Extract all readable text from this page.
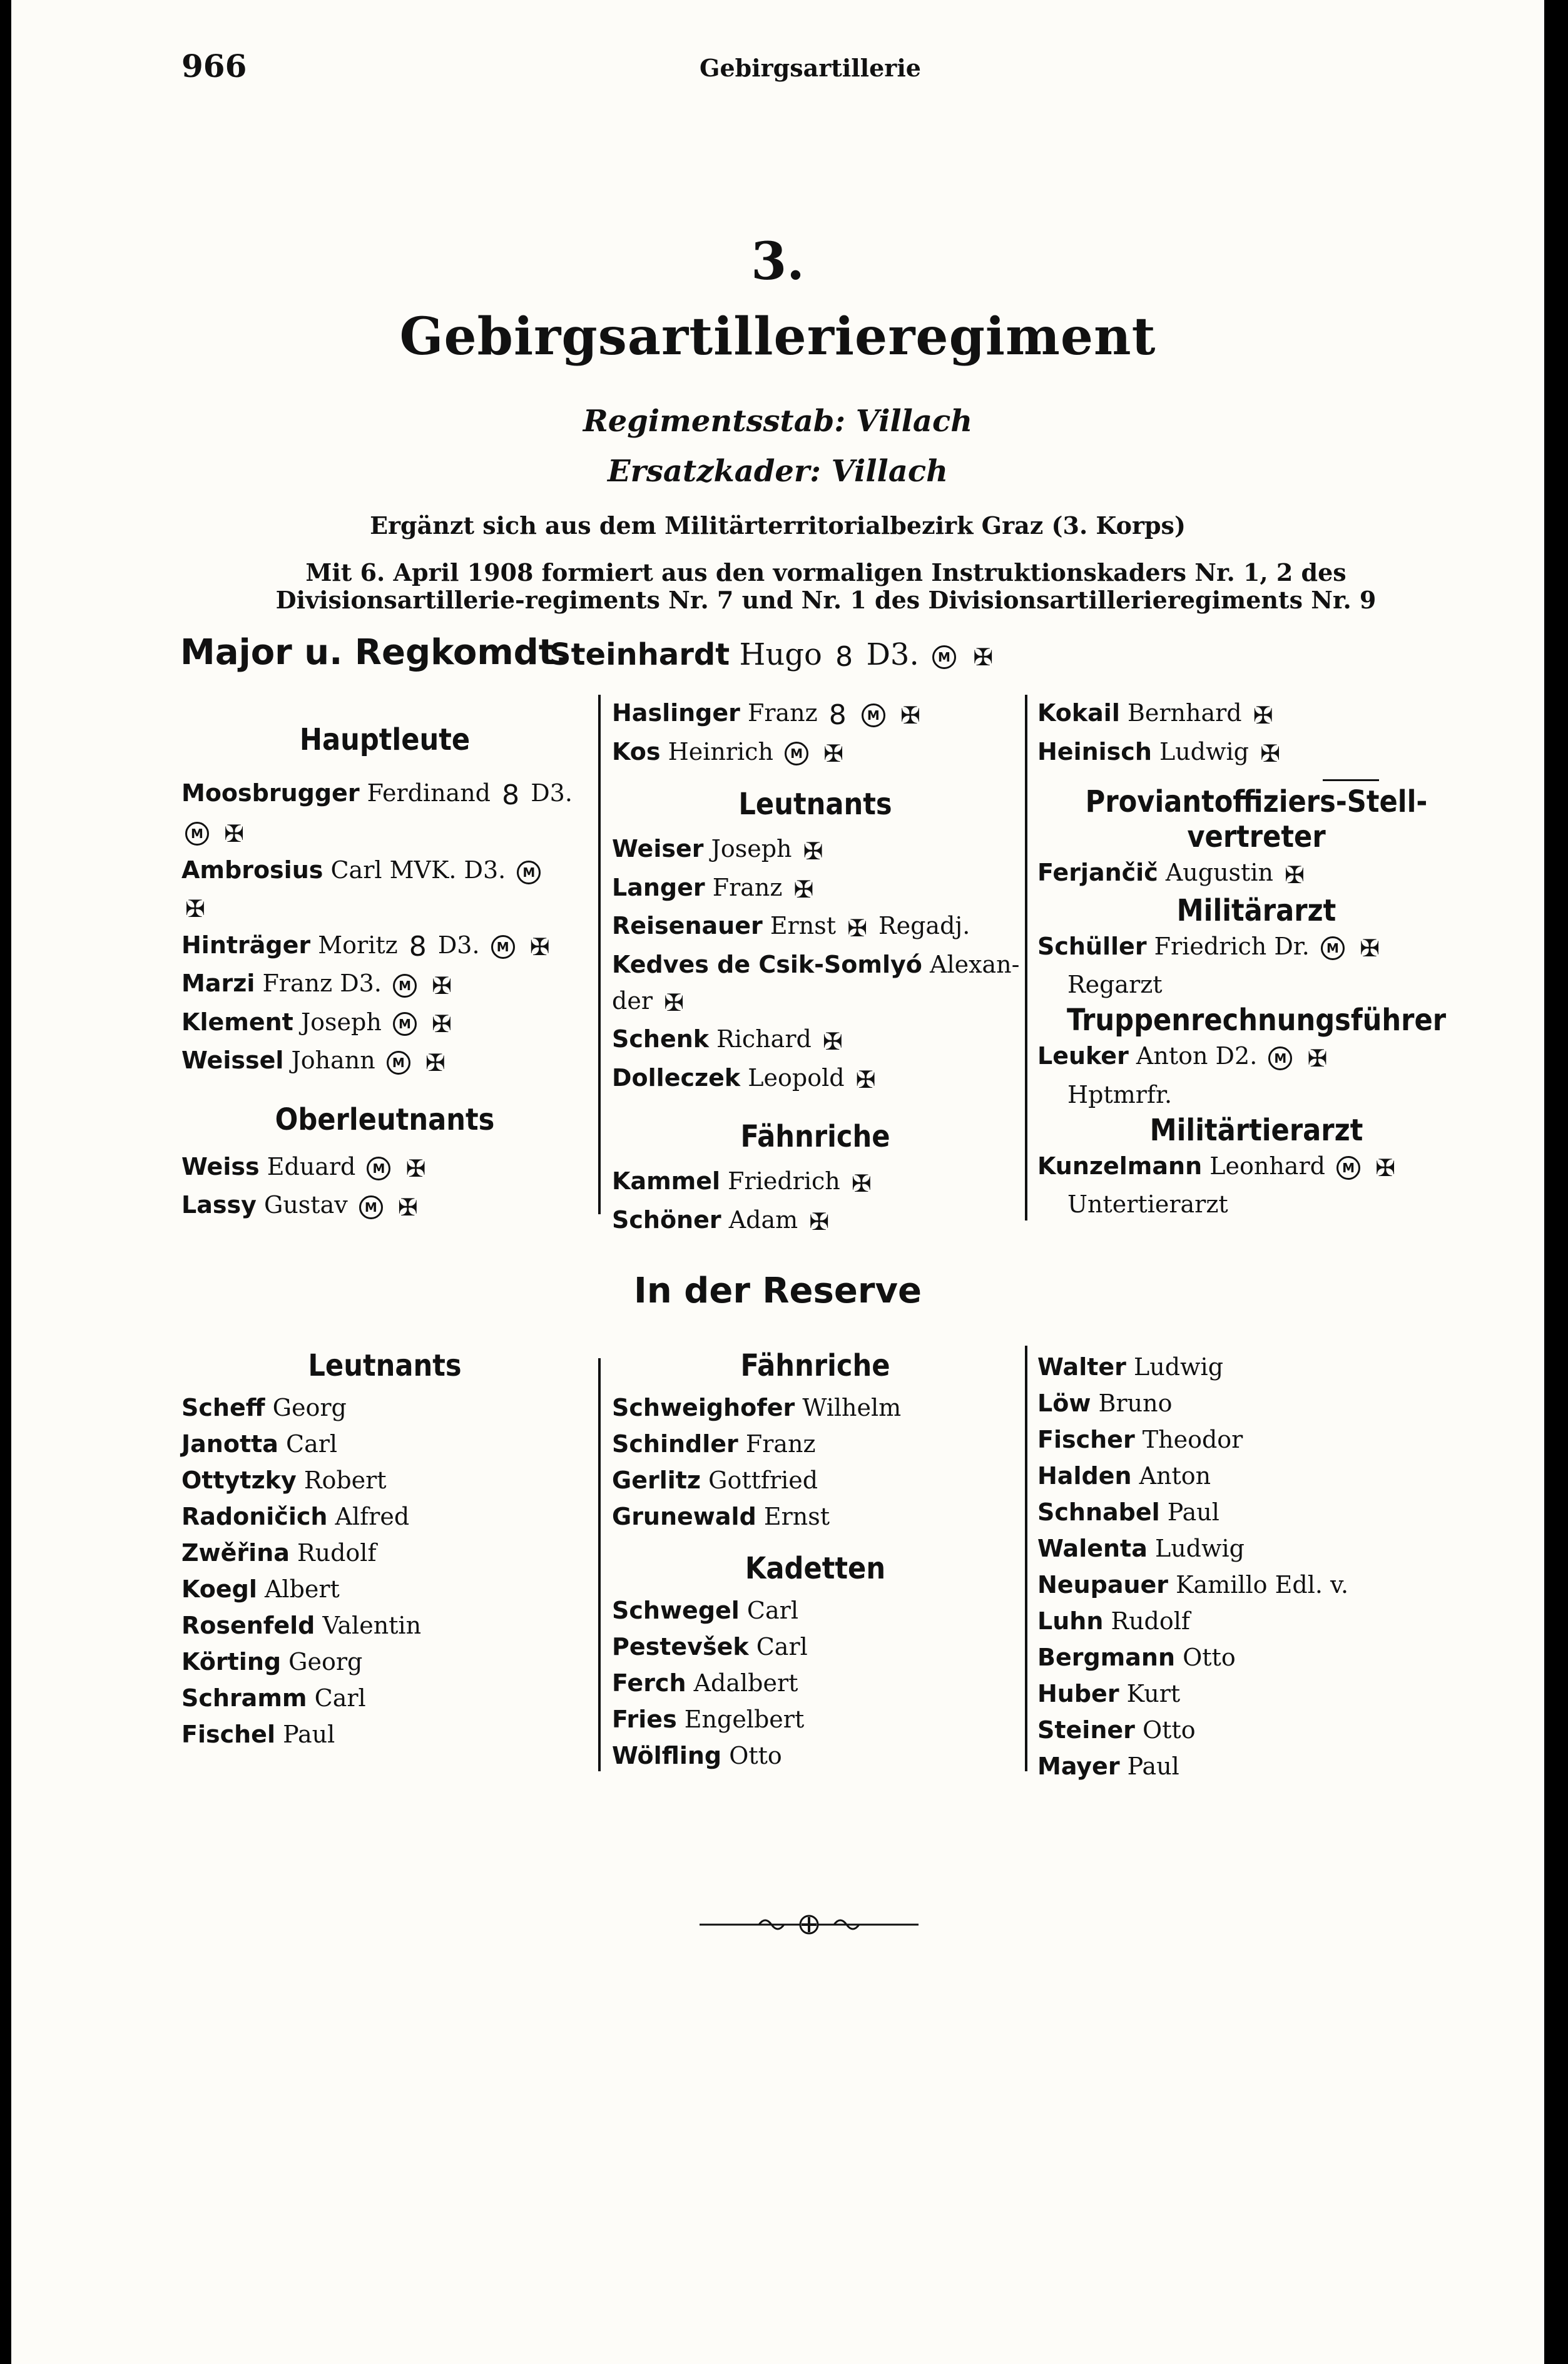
966	Gebirgsartillerie
3.
Gebirgsartillerieregiment
Regimentsstab: Villach
Ersatzkader: Villach
Ergänzt sich aus dem Militärterritorialbezirk Graz (3. Korps)
Mit 6. April 1908 formiert aus den vormaligen Instruktionskaders Nr. 1, 2 des Divisionsartillerie-regiments Nr. 7 und Nr. 1 des Divisionsartillerieregiments Nr. 9
Major u. Regkomdt.
Steinhardt Hugo 8 D3. M ✠
Hauptleute
Moosbrugger Ferdinand 8 D3.
M ✠
Ambrosius Carl MVK. D3. M
✠
Hinträger Moritz 8 D3. M ✠
Marzi Franz D3. M ✠
Klement Joseph M ✠
Weissel Johann M ✠
Oberleutnants
Weiss Eduard M ✠
Lassy Gustav M ✠
Haslinger Franz 8 M ✠
Kos Heinrich M ✠
Leutnants
Weiser Joseph ✠
Langer Franz ✠
Reisenauer Ernst ✠ Regadj.
Kedves de Csik-Somlyó Alexan-
der ✠
Schenk Richard ✠
Dolleczek Leopold ✠
Fähnriche
Kammel Friedrich ✠
Schöner Adam ✠
Kokail Bernhard ✠
Heinisch Ludwig ✠
Proviantoffiziers-Stell-
vertreter
Ferjančič Augustin ✠
Militärarzt
Schüller Friedrich Dr. M ✠
Regarzt
Truppenrechnungsführer
Leuker Anton D2. M ✠
Hptmrfr.
Militärtierarzt
Kunzelmann Leonhard M ✠
Untertierarzt
In der Reserve
Leutnants
Scheff Georg
Janotta Carl
Ottytzky Robert
Radoničich Alfred
Zwěřina Rudolf
Koegl Albert
Rosenfeld Valentin
Körting Georg
Schramm Carl
Fischel Paul
Fähnriche
Schweighofer Wilhelm
Schindler Franz
Gerlitz Gottfried
Grunewald Ernst
Kadetten
Schwegel Carl
Pestevšek Carl
Ferch Adalbert
Fries Engelbert
Wölfling Otto
Walter Ludwig
Löw Bruno
Fischer Theodor
Halden Anton
Schnabel Paul
Walenta Ludwig
Neupauer Kamillo Edl. v.
Luhn Rudolf
Bergmann Otto
Huber Kurt
Steiner Otto
Mayer Paul
